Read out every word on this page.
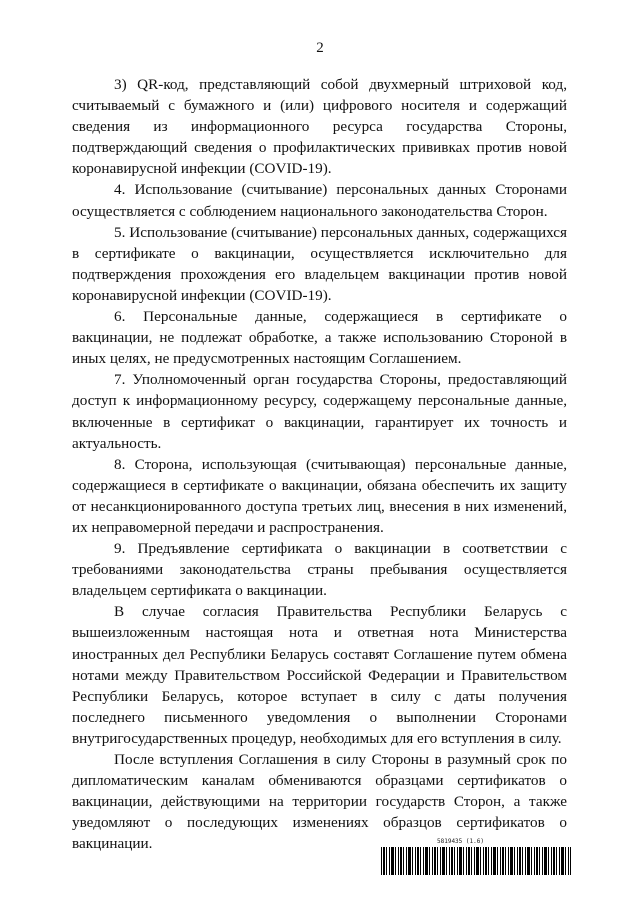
2

3) QR-код, представляющий собой двухмерный штриховой код, считываемый с бумажного и (или) цифрового носителя и содержащий сведения из информационного ресурса государства Стороны, подтверждающий сведения о профилактических прививках против новой коронавирусной инфекции (COVID-19).

4. Использование (считывание) персональных данных Сторонами осуществляется с соблюдением национального законодательства Сторон.

5. Использование (считывание) персональных данных, содержащихся в сертификате о вакцинации, осуществляется исключительно для подтверждения прохождения его владельцем вакцинации против новой коронавирусной инфекции (COVID-19).

6. Персональные данные, содержащиеся в сертификате о вакцинации, не подлежат обработке, а также использованию Стороной в иных целях, не предусмотренных настоящим Соглашением.

7. Уполномоченный орган государства Стороны, предоставляющий доступ к информационному ресурсу, содержащему персональные данные, включенные в сертификат о вакцинации, гарантирует их точность и актуальность.

8. Сторона, использующая (считывающая) персональные данные, содержащиеся в сертификате о вакцинации, обязана обеспечить их защиту от несанкционированного доступа третьих лиц, внесения в них изменений, их неправомерной передачи и распространения.

9. Предъявление сертификата о вакцинации в соответствии с требованиями законодательства страны пребывания осуществляется владельцем сертификата о вакцинации.

В случае согласия Правительства Республики Беларусь с вышеизложенным настоящая нота и ответная нота Министерства иностранных дел Республики Беларусь составят Соглашение путем обмена нотами между Правительством Российской Федерации и Правительством Республики Беларусь, которое вступает в силу с даты получения последнего письменного уведомления о выполнении Сторонами внутригосударственных процедур, необходимых для его вступления в силу.

После вступления Соглашения в силу Стороны в разумный срок по дипломатическим каналам обмениваются образцами сертификатов о вакцинации, действующими на территории государств Сторон, а также уведомляют о последующих изменениях образцов сертификатов о вакцинации.	5819435 (1.6)
